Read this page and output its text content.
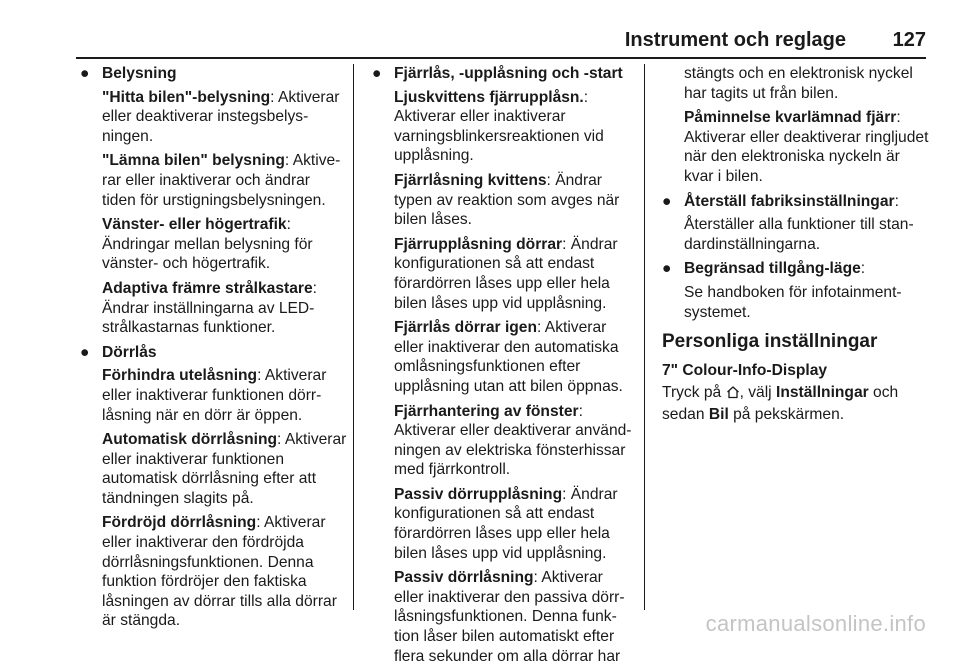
Instrument och reglage 127
● Belysning
"Hitta bilen"-belysning: Aktiverar eller deaktiverar instegsbelysningen.
"Lämna bilen" belysning: Aktiverar eller inaktiverar och ändrar tiden för urstigningsbelysningen.
Vänster- eller högertrafik: Ändringar mellan belysning för vänster- och högertrafik.
Adaptiva främre strålkastare: Ändrar inställningarna av LED-strålkastarnas funktioner.
● Dörrlås
Förhindra utelåsning: Aktiverar eller inaktiverar funktionen dörrlåsning när en dörr är öppen.
Automatisk dörrlåsning: Aktiverar eller inaktiverar funktionen automatisk dörrlåsning efter att tändningen slagits på.
Fördröjd dörrlåsning: Aktiverar eller inaktiverar den fördröjda dörrlåsningsfunktionen. Denna funktion fördröjer den faktiska låsningen av dörrar tills alla dörrar är stängda.
● Fjärrlås, -upplåsning och -start
Ljuskvittens fjärrupplåsn.: Aktiverar eller inaktiverar varningsblinkersreaktionen vid upplåsning.
Fjärrlåsning kvittens: Ändrar typen av reaktion som avges när bilen låses.
Fjärrupplåsning dörrar: Ändrar konfigurationen så att endast förardörren låses upp eller hela bilen låses upp vid upplåsning.
Fjärrlås dörrar igen: Aktiverar eller inaktiverar den automatiska omlåsningsfunktionen efter upplåsning utan att bilen öppnas.
Fjärrhantering av fönster: Aktiverar eller deaktiverar användningen av elektriska fönsterhissar med fjärrkontroll.
Passiv dörrupplåsning: Ändrar konfigurationen så att endast förardörren låses upp eller hela bilen låses upp vid upplåsning.
Passiv dörrlåsning: Aktiverar eller inaktiverar den passiva dörrlåsningsfunktionen. Denna funktion låser bilen automatiskt efter flera sekunder om alla dörrar har
stängts och en elektronisk nyckel har tagits ut från bilen.
Påminnelse kvarlämnad fjärr: Aktiverar eller deaktiverar ringljudet när den elektroniska nyckeln är kvar i bilen.
● Återställ fabriksinställningar:
Återställer alla funktioner till standardinställningarna.
● Begränsad tillgång-läge:
Se handboken för infotainmentsystemet.
Personliga inställningar
7" Colour-Info-Display
Tryck på , välj Inställningar och sedan Bil på pekskärmen.
carmanualsonline.info
